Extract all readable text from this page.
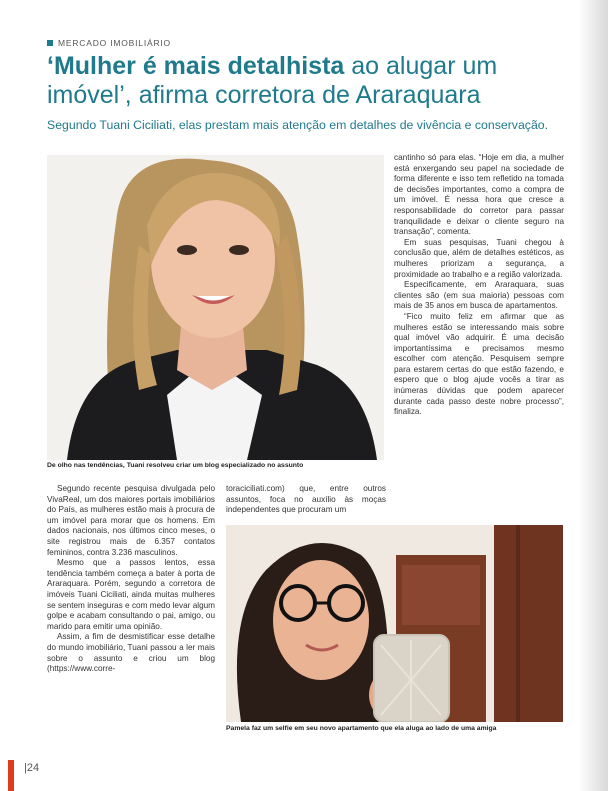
MERCADO IMOBILIÁRIO
‘Mulher é mais detalhista ao alugar um imóvel’, afirma corretora de Araraquara

Segundo Tuani Ciciliati, elas prestam mais atenção em detalhes de vivência e conservação.

De olho nas tendências, Tuani resolveu criar um blog especializado no assunto

cantinho só para elas. “Hoje em dia, a mulher está enxergando seu papel na sociedade de forma diferente e isso tem refletido na tomada de decisões importantes, como a compra de um imóvel. É nessa hora que cresce a responsabilidade do corretor para passar tranquilidade e deixar o cliente seguro na transação”, comenta.

Em suas pesquisas, Tuani chegou à conclusão que, além de detalhes estéticos, as mulheres priorizam a segurança, a proximidade ao trabalho e a região valorizada.

Especificamente, em Araraquara, suas clientes são (em sua maioria) pessoas com mais de 35 anos em busca de apartamentos.

“Fico muito feliz em afirmar que as mulheres estão se interessando mais sobre qual imóvel vão adquirir. É uma decisão importantíssima e precisamos mesmo escolher com atenção. Pesquisem sempre para estarem certas do que estão fazendo, e espero que o blog ajude vocês a tirar as inúmeras dúvidas que podem aparecer durante cada passo deste nobre processo”, finaliza.

Segundo recente pesquisa divulgada pelo VivaReal, um dos maiores portais imobiliários do País, as mulheres estão mais à procura de um imóvel para morar que os homens. Em dados nacionais, nos últimos cinco meses, o site registrou mais de 6.357 contatos femininos, contra 3.236 masculinos.

Mesmo que a passos lentos, essa tendência também começa a bater à porta de Araraquara. Porém, segundo a corretora de imóveis Tuani Ciciliati, ainda muitas mulheres se sentem inseguras e com medo levar algum golpe e acabam consultando o pai, amigo, ou marido para emitir uma opinião.

Assim, a fim de desmistificar esse detalhe do mundo imobiliário, Tuani passou a ler mais sobre o assunto e criou um blog (https://www.corre-

toraciciliati.com) que, entre outros assuntos, foca no auxílio às moças independentes que procuram um

Pamela faz um selfie em seu novo apartamento que ela aluga ao lado de uma amiga
|24
